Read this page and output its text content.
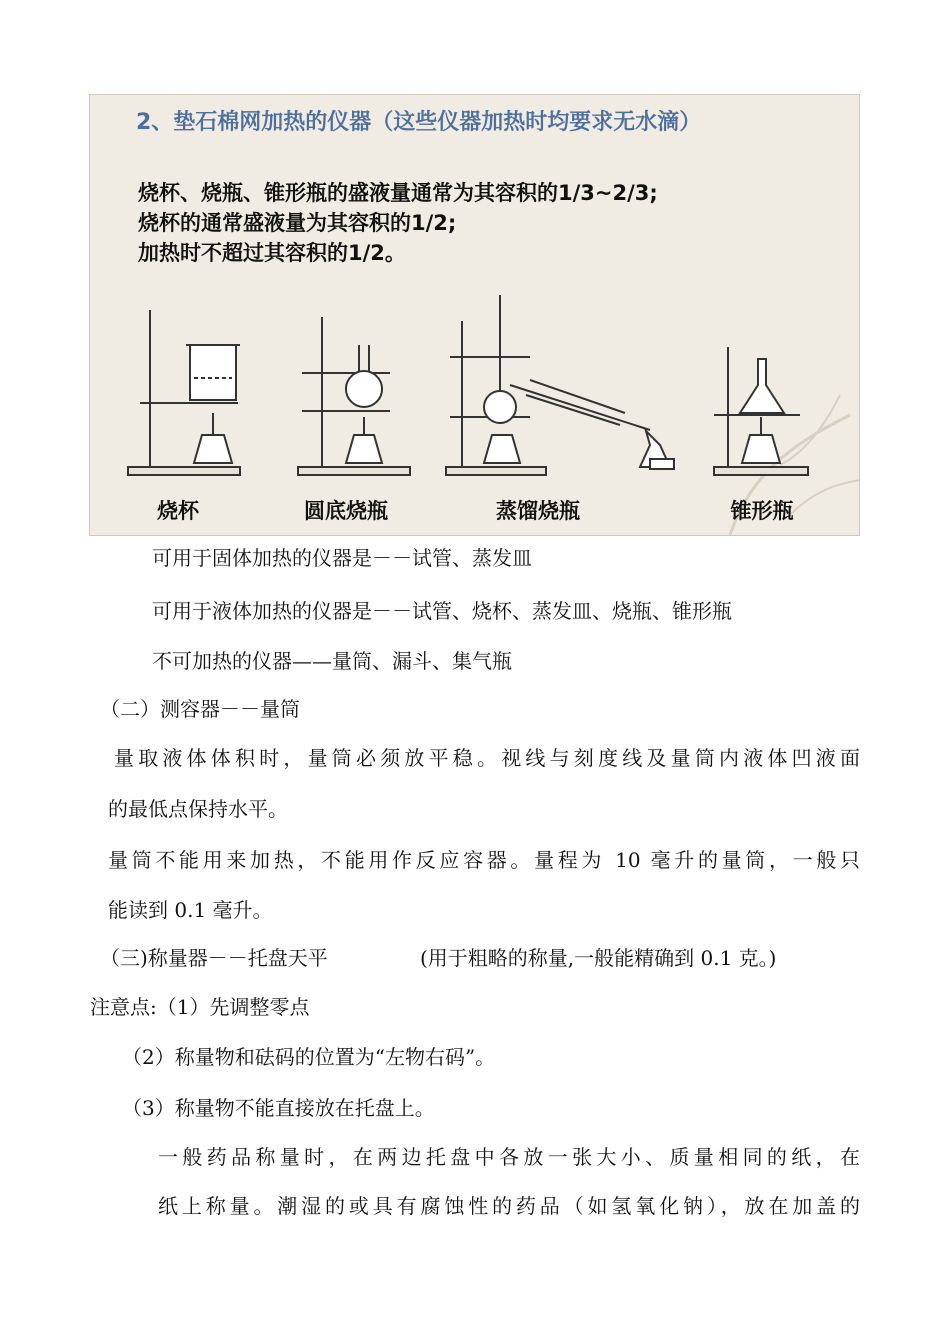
2、垫石棉网加热的仪器（这些仪器加热时均要求无水滴）
烧杯、烧瓶、锥形瓶的盛液量通常为其容积的1/3~2/3;
烧杯的通常盛液量为其容积的1/2;
加热时不超过其容积的1/2。
烧杯	圆底烧瓶	蒸馏烧瓶	锥形瓶
可用于固体加热的仪器是－－试管、蒸发皿
可用于液体加热的仪器是－－试管、烧杯、蒸发皿、烧瓶、锥形瓶
不可加热的仪器——量筒、漏斗、集气瓶
（二）测容器－－量筒
量取液体体积时，量筒必须放平稳。视线与刻度线及量筒内液体凹液面
的最低点保持水平。
量筒不能用来加热，不能用作反应容器。量程为 10 毫升的量筒，一般只
能读到 0.1 毫升。
（三)称量器－－托盘天平	(用于粗略的称量,一般能精确到 0.1 克。)
注意点:（1）先调整零点
（2）称量物和砝码的位置为“左物右码”。
（3）称量物不能直接放在托盘上。
一般药品称量时，在两边托盘中各放一张大小、质量相同的纸，在
纸上称量。潮湿的或具有腐蚀性的药品（如氢氧化钠），放在加盖的
